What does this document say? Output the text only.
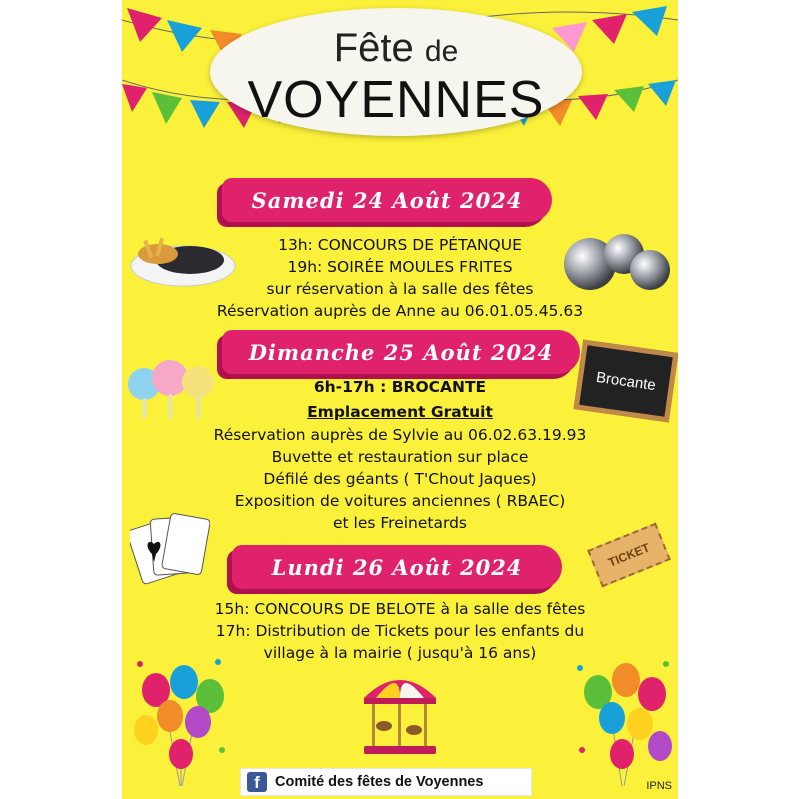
Fête de
VOYENNES
Samedi 24 Août 2024
13h: CONCOURS DE PÉTANQUE
19h: SOIRÉE MOULES FRITES
sur réservation à la salle des fêtes
Réservation auprès de Anne au 06.01.05.45.63
Dimanche 25 Août 2024
Brocante
6h-17h : BROCANTE
Emplacement Gratuit
Réservation auprès de Sylvie au 06.02.63.19.93
Buvette et restauration sur place
Défilé des géants ( T'Chout Jaques)
Exposition de voitures anciennes ( RBAEC)
et les Freinetards
Lundi 26 Août 2024	TICKET
15h: CONCOURS DE BELOTE à la salle des fêtes
17h: Distribution de Tickets pour les enfants du
village à la mairie ( jusqu'à 16 ans)
f	Comité des fêtes de Voyennes	IPNS
